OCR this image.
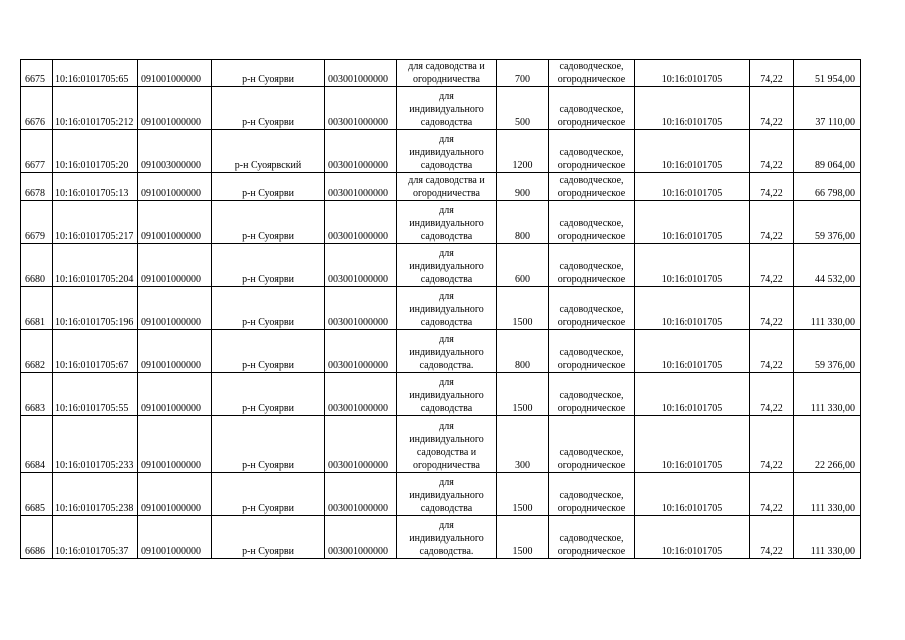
6675	10:16:0101705:65	091001000000	р-н Суоярви	003001000000	для садоводства и
огородничества	700	садоводческое,
огородническое	10:16:0101705	74,22	51 954,00
6676	10:16:0101705:212	091001000000	р-н Суоярви	003001000000	для
индивидуального
садоводства	500	садоводческое,
огородническое	10:16:0101705	74,22	37 110,00
6677	10:16:0101705:20	091003000000	р-н Суоярвский	003001000000	для
индивидуального
садоводства	1200	садоводческое,
огородническое	10:16:0101705	74,22	89 064,00
6678	10:16:0101705:13	091001000000	р-н Суоярви	003001000000	для садоводства и
огородничества	900	садоводческое,
огородническое	10:16:0101705	74,22	66 798,00
6679	10:16:0101705:217	091001000000	р-н Суоярви	003001000000	для
индивидуального
садоводства	800	садоводческое,
огородническое	10:16:0101705	74,22	59 376,00
6680	10:16:0101705:204	091001000000	р-н Суоярви	003001000000	для
индивидуального
садоводства	600	садоводческое,
огородническое	10:16:0101705	74,22	44 532,00
6681	10:16:0101705:196	091001000000	р-н Суоярви	003001000000	для
индивидуального
садоводства	1500	садоводческое,
огородническое	10:16:0101705	74,22	111 330,00
6682	10:16:0101705:67	091001000000	р-н Суоярви	003001000000	для
индивидуального
садоводства.	800	садоводческое,
огородническое	10:16:0101705	74,22	59 376,00
6683	10:16:0101705:55	091001000000	р-н Суоярви	003001000000	для
индивидуального
садоводства	1500	садоводческое,
огородническое	10:16:0101705	74,22	111 330,00
6684	10:16:0101705:233	091001000000	р-н Суоярви	003001000000	для
индивидуального
садоводства и
огородничества	300	садоводческое,
огородническое	10:16:0101705	74,22	22 266,00
6685	10:16:0101705:238	091001000000	р-н Суоярви	003001000000	для
индивидуального
садоводства	1500	садоводческое,
огородническое	10:16:0101705	74,22	111 330,00
6686	10:16:0101705:37	091001000000	р-н Суоярви	003001000000	для
индивидуального
садоводства.	1500	садоводческое,
огородническое	10:16:0101705	74,22	111 330,00
